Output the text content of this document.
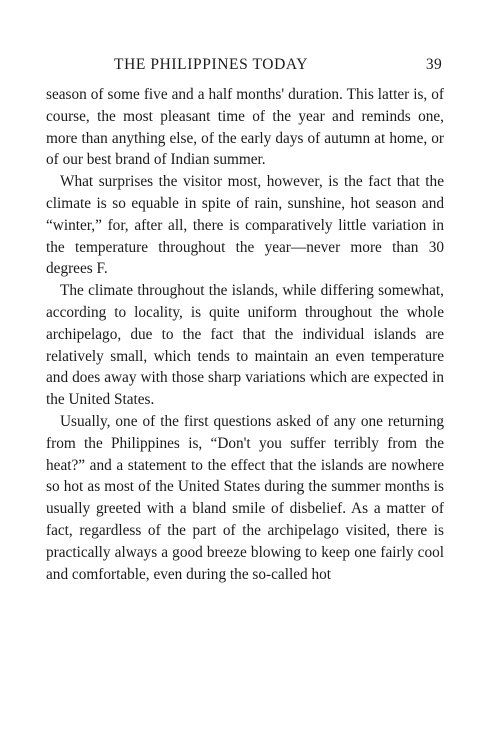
THE PHILIPPINES TODAY	39

season of some five and a half months' duration. This latter is, of course, the most pleasant time of the year and reminds one, more than anything else, of the early days of autumn at home, or of our best brand of Indian summer.

What surprises the visitor most, however, is the fact that the climate is so equable in spite of rain, sunshine, hot season and “winter,” for, after all, there is comparatively little variation in the temperature throughout the year—never more than 30 degrees F.

The climate throughout the islands, while differing somewhat, according to locality, is quite uniform throughout the whole archipelago, due to the fact that the individual islands are relatively small, which tends to maintain an even temperature and does away with those sharp variations which are expected in the United States.

Usually, one of the first questions asked of any one returning from the Philippines is, “Don't you suffer terribly from the heat?” and a statement to the effect that the islands are nowhere so hot as most of the United States during the summer months is usually greeted with a bland smile of disbelief. As a matter of fact, regardless of the part of the archipelago visited, there is practically always a good breeze blowing to keep one fairly cool and comfortable, even during the so-called hot
